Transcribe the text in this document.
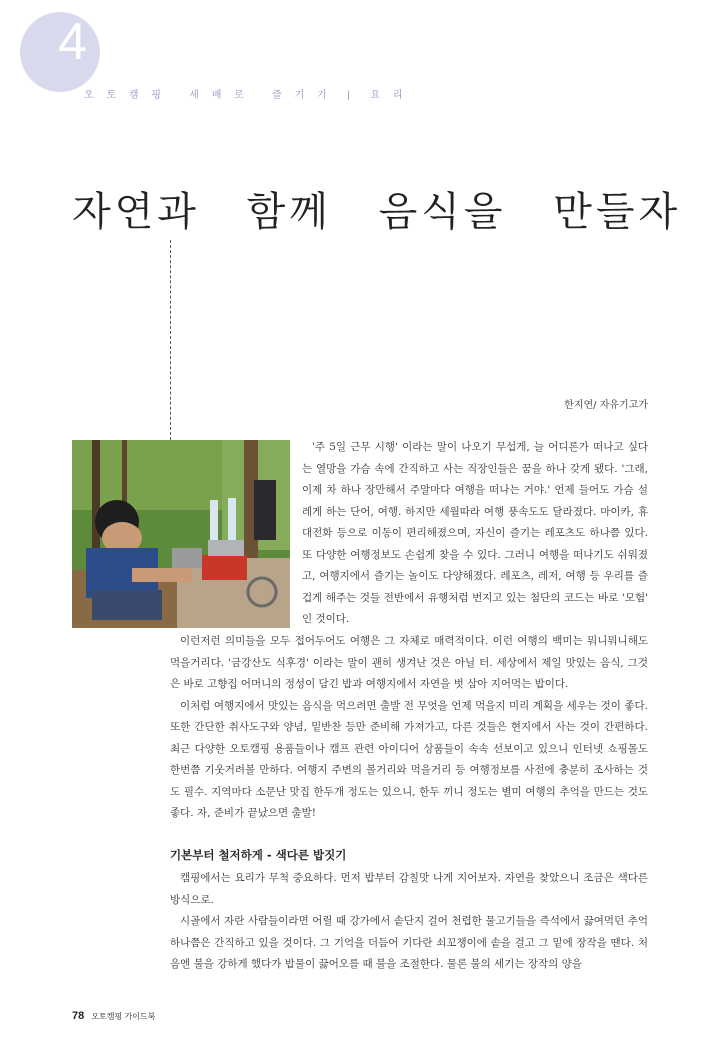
4
오 토 캠 핑   세 배 로   즐 기 기  |  요 리
자연과 함께 음식을 만들자
한지연/ 자유기고가

'주 5일 근무 시행' 이라는 말이 나오기 무섭게, 늘 어디론가 떠나고 싶다는 열망을 가슴 속에 간직하고 사는 직장인들은 꿈을 하나 갖게 됐다. '그래, 이제 차 하나 장만해서 주말마다 여행을 떠나는 거야.' 언제 들어도 가슴 설레게 하는 단어, 여행. 하지만 세월따라 여행 풍속도도 달라졌다. 마이카, 휴대전화 등으로 이동이 편리해졌으며, 자신이 즐기는 레포츠도 하나쯤 있다. 또 다양한 여행정보도 손쉽게 찾을 수 있다. 그러니 여행을 떠나기도 쉬워졌고, 여행지에서 즐기는 놀이도 다양해졌다. 레포츠, 레저, 여행 등 우리를 즐겁게 해주는 것들 전반에서 유행처럼 번지고 있는 첨단의 코드는 바로 '모험' 인 것이다.

이런저런 의미들을 모두 접어두어도 여행은 그 자체로 매력적이다. 이런 여행의 백미는 뭐니뭐니해도 먹을거리다. '금강산도 식후경' 이라는 말이 괜히 생겨난 것은 아닐 터. 세상에서 제일 맛있는 음식, 그것은 바로 고향집 어머니의 정성이 담긴 밥과 여행지에서 자연을 벗 삼아 지어먹는 밥이다.

이처럼 여행지에서 맛있는 음식을 먹으려면 출발 전 무엇을 언제 먹을지 미리 계획을 세우는 것이 좋다. 또한 간단한 취사도구와 양념, 밑반찬 등만 준비해 가져가고, 다른 것들은 현지에서 사는 것이 간편하다. 최근 다양한 오토캠핑 용품들이나 캠프 관련 아이디어 상품들이 속속 선보이고 있으니 인터넷 쇼핑몰도 한번쯤 기웃거려볼 만하다. 여행지 주변의 볼거리와 먹을거리 등 여행정보를 사전에 충분히 조사하는 것도 필수. 지역마다 소문난 맛집 한두개 정도는 있으니, 한두 끼니 정도는 별미 여행의 추억을 만드는 것도 좋다. 자, 준비가 끝났으면 출발!

기본부터 철저하게 - 색다른 밥짓기

캠핑에서는 요리가 무척 중요하다. 먼저 밥부터 감칠맛 나게 지어보자. 자연을 찾았으니 조금은 색다른 방식으로.

시골에서 자란 사람들이라면 어릴 때 강가에서 솥단지 걸어 천렵한 물고기들을 즉석에서 끓여먹던 추억 하나쯤은 간직하고 있을 것이다. 그 기억을 더듬어 기다란 쇠꼬챙이에 솥을 걸고 그 밑에 장작을 땐다. 처음엔 불을 강하게 했다가 밥물이 끓어오를 때 불을 조절한다. 물론 불의 세기는 장작의 양을

78 오토캠핑 가이드북
